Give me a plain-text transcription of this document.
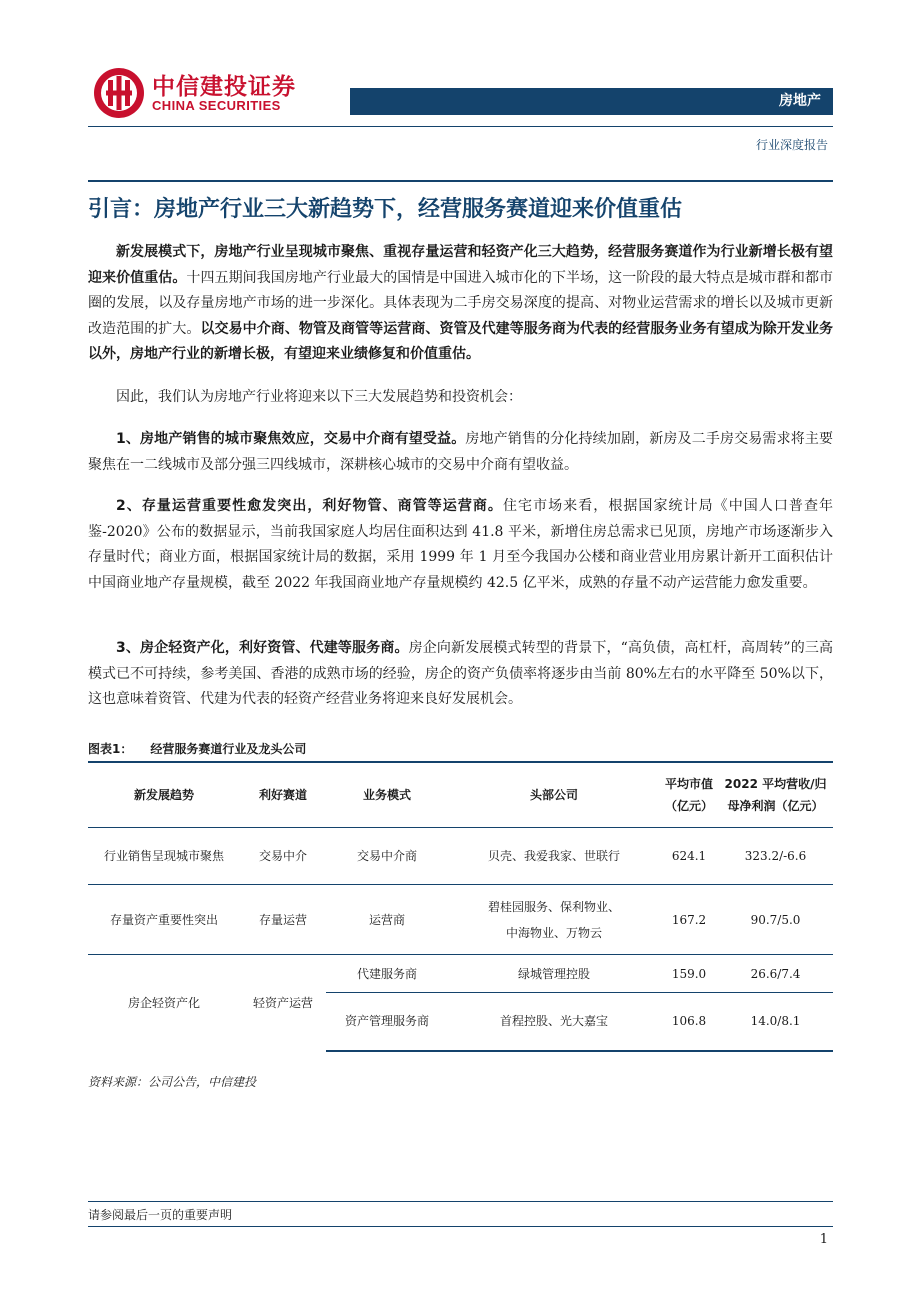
中信建投证券
CHINA SECURITIES	房地产
行业深度报告
引言：房地产行业三大新趋势下，经营服务赛道迎来价值重估

新发展模式下，房地产行业呈现城市聚焦、重视存量运营和轻资产化三大趋势，经营服务赛道作为行业新增长极有望迎来价值重估。十四五期间我国房地产行业最大的国情是中国进入城市化的下半场，这一阶段的最大特点是城市群和都市圈的发展，以及存量房地产市场的进一步深化。具体表现为二手房交易深度的提高、对物业运营需求的增长以及城市更新改造范围的扩大。以交易中介商、物管及商管等运营商、资管及代建等服务商为代表的经营服务业务有望成为除开发业务以外，房地产行业的新增长极，有望迎来业绩修复和价值重估。

因此，我们认为房地产行业将迎来以下三大发展趋势和投资机会：

1、房地产销售的城市聚焦效应，交易中介商有望受益。房地产销售的分化持续加剧，新房及二手房交易需求将主要聚焦在一二线城市及部分强三四线城市，深耕核心城市的交易中介商有望收益。

2、存量运营重要性愈发突出，利好物管、商管等运营商。住宅市场来看，根据国家统计局《中国人口普查年鉴-2020》公布的数据显示，当前我国家庭人均居住面积达到 41.8 平米，新增住房总需求已见顶，房地产市场逐渐步入存量时代；商业方面，根据国家统计局的数据，采用 1999 年 1 月至今我国办公楼和商业营业用房累计新开工面积估计中国商业地产存量规模，截至 2022 年我国商业地产存量规模约 42.5 亿平米，成熟的存量不动产运营能力愈发重要。

3、房企轻资产化，利好资管、代建等服务商。房企向新发展模式转型的背景下，“高负债，高杠杆，高周转”的三高模式已不可持续，参考美国、香港的成熟市场的经验，房企的资产负债率将逐步由当前 80%左右的水平降至 50%以下，这也意味着资管、代建为代表的轻资产经营业务将迎来良好发展机会。

图表1： 经营服务赛道行业及龙头公司
新发展趋势	利好赛道	业务模式	头部公司	平均市值（亿元）	2022 平均营收/归母净利润（亿元）
行业销售呈现城市聚焦	交易中介	交易中介商	贝壳、我爱我家、世联行	624.1	323.2/-6.6
存量资产重要性突出	存量运营	运营商	碧桂园服务、保利物业、中海物业、万物云	167.2	90.7/5.0
房企轻资产化	轻资产运营	代建服务商	绿城管理控股	159.0	26.6/7.4
		资产管理服务商	首程控股、光大嘉宝	106.8	14.0/8.1
资料来源：公司公告，中信建投
请参阅最后一页的重要声明
1
